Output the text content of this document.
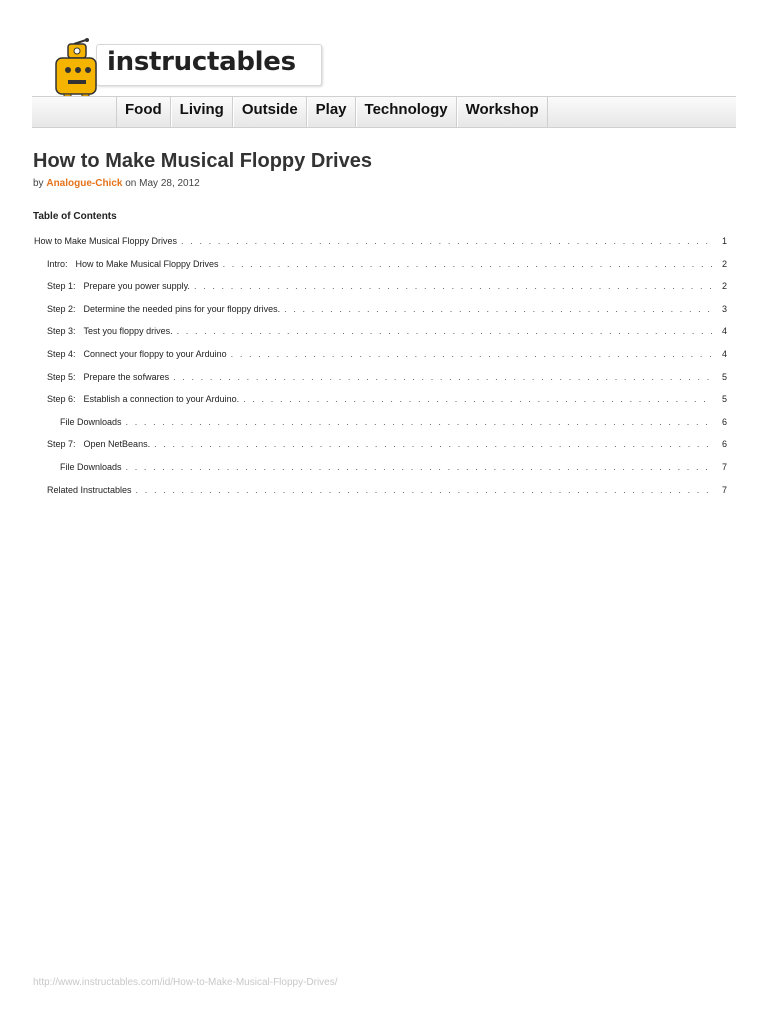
instructables
Food	Living	Outside	Play	Technology	Workshop
How to Make Musical Floppy Drives
by Analogue-Chick on May 28, 2012
Table of Contents
How to Make Musical Floppy Drives . . .	1
Intro: How to Make Musical Floppy Drives . . .	2
Step 1: Prepare you power supply. . . .	2
Step 2: Determine the needed pins for your floppy drives. . . .	3
Step 3: Test you floppy drives. . . .	4
Step 4: Connect your floppy to your Arduino . . .	4
Step 5: Prepare the sofwares . . .	5
Step 6: Establish a connection to your Arduino. . . .	5
File Downloads . . .	6
Step 7: Open NetBeans. . . .	6
File Downloads . . .	7
Related Instructables . . .	7
http://www.instructables.com/id/How-to-Make-Musical-Floppy-Drives/
